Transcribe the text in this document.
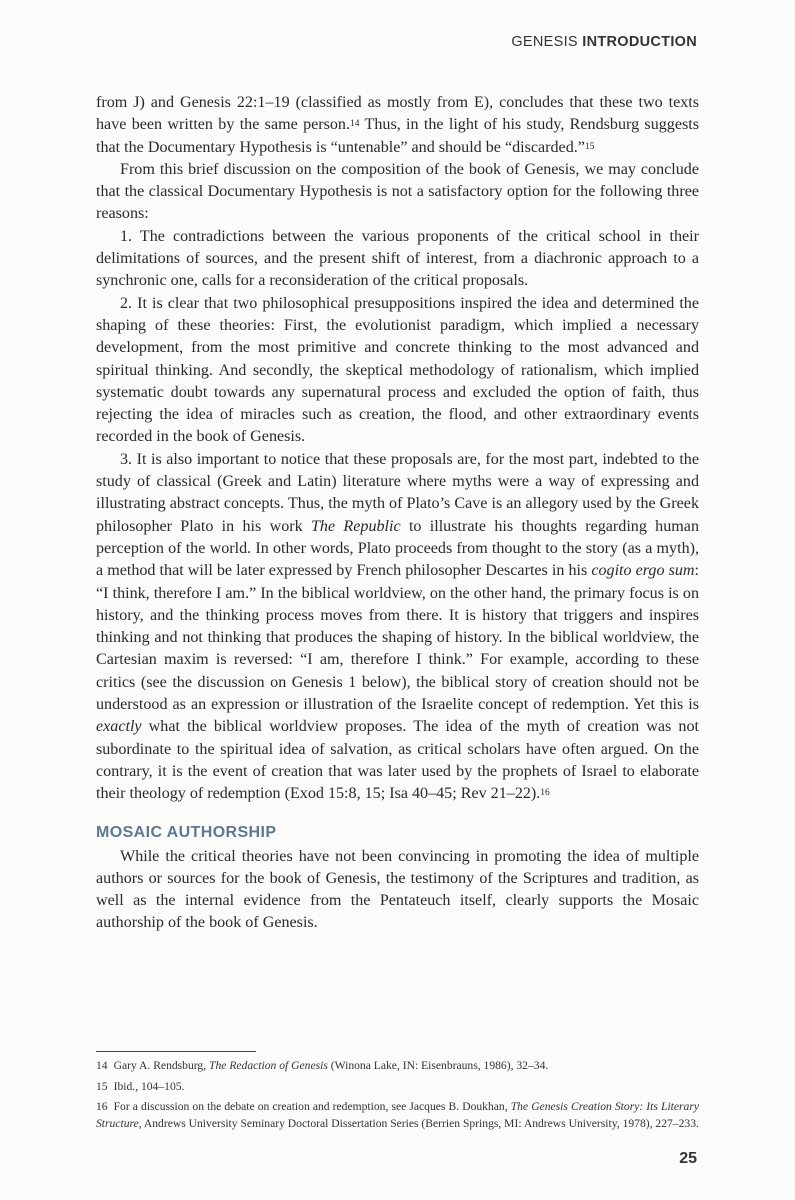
GENESIS INTRODUCTION

from J) and Genesis 22:1–19 (classified as mostly from E), concludes that these two texts have been written by the same person.$^{14}$ Thus, in the light of his study, Rendsburg suggests that the Documentary Hypothesis is “untenable” and should be “discarded.”$^{15}$

From this brief discussion on the composition of the book of Genesis, we may conclude that the classical Documentary Hypothesis is not a satisfactory option for the following three reasons:

1. The contradictions between the various proponents of the critical school in their delimitations of sources, and the present shift of interest, from a diachronic approach to a synchronic one, calls for a reconsideration of the critical proposals.

2. It is clear that two philosophical presuppositions inspired the idea and determined the shaping of these theories: First, the evolutionist paradigm, which implied a necessary development, from the most primitive and concrete thinking to the most advanced and spiritual thinking. And secondly, the skeptical methodology of rationalism, which implied systematic doubt towards any supernatural process and excluded the option of faith, thus rejecting the idea of miracles such as creation, the flood, and other extraordinary events recorded in the book of Genesis.

3. It is also important to notice that these proposals are, for the most part, indebted to the study of classical (Greek and Latin) literature where myths were a way of expressing and illustrating abstract concepts. Thus, the myth of Plato’s Cave is an allegory used by the Greek philosopher Plato in his work The Republic to illustrate his thoughts regarding human perception of the world. In other words, Plato proceeds from thought to the story (as a myth), a method that will be later expressed by French philosopher Descartes in his cogito ergo sum: “I think, therefore I am.” In the biblical worldview, on the other hand, the primary focus is on history, and the thinking process moves from there. It is history that triggers and inspires thinking and not thinking that produces the shaping of history. In the biblical worldview, the Cartesian maxim is reversed: “I am, therefore I think.” For example, according to these critics (see the discussion on Genesis 1 below), the biblical story of creation should not be understood as an expression or illustration of the Israelite concept of redemption. Yet this is exactly what the biblical worldview proposes. The idea of the myth of creation was not subordinate to the spiritual idea of salvation, as critical scholars have often argued. On the contrary, it is the event of creation that was later used by the prophets of Israel to elaborate their theology of redemption (Exod 15:8, 15; Isa 40–45; Rev 21–22).$^{16}$

MOSAIC AUTHORSHIP

While the critical theories have not been convincing in promoting the idea of multiple authors or sources for the book of Genesis, the testimony of the Scriptures and tradition, as well as the internal evidence from the Pentateuch itself, clearly supports the Mosaic authorship of the book of Genesis.

14 Gary A. Rendsburg, The Redaction of Genesis (Winona Lake, IN: Eisenbrauns, 1986), 32–34.
15 Ibid., 104–105.
16 For a discussion on the debate on creation and redemption, see Jacques B. Doukhan, The Genesis Creation Story: Its Literary Structure, Andrews University Seminary Doctoral Dissertation Series (Berrien Springs, MI: Andrews University, 1978), 227–233.
25
